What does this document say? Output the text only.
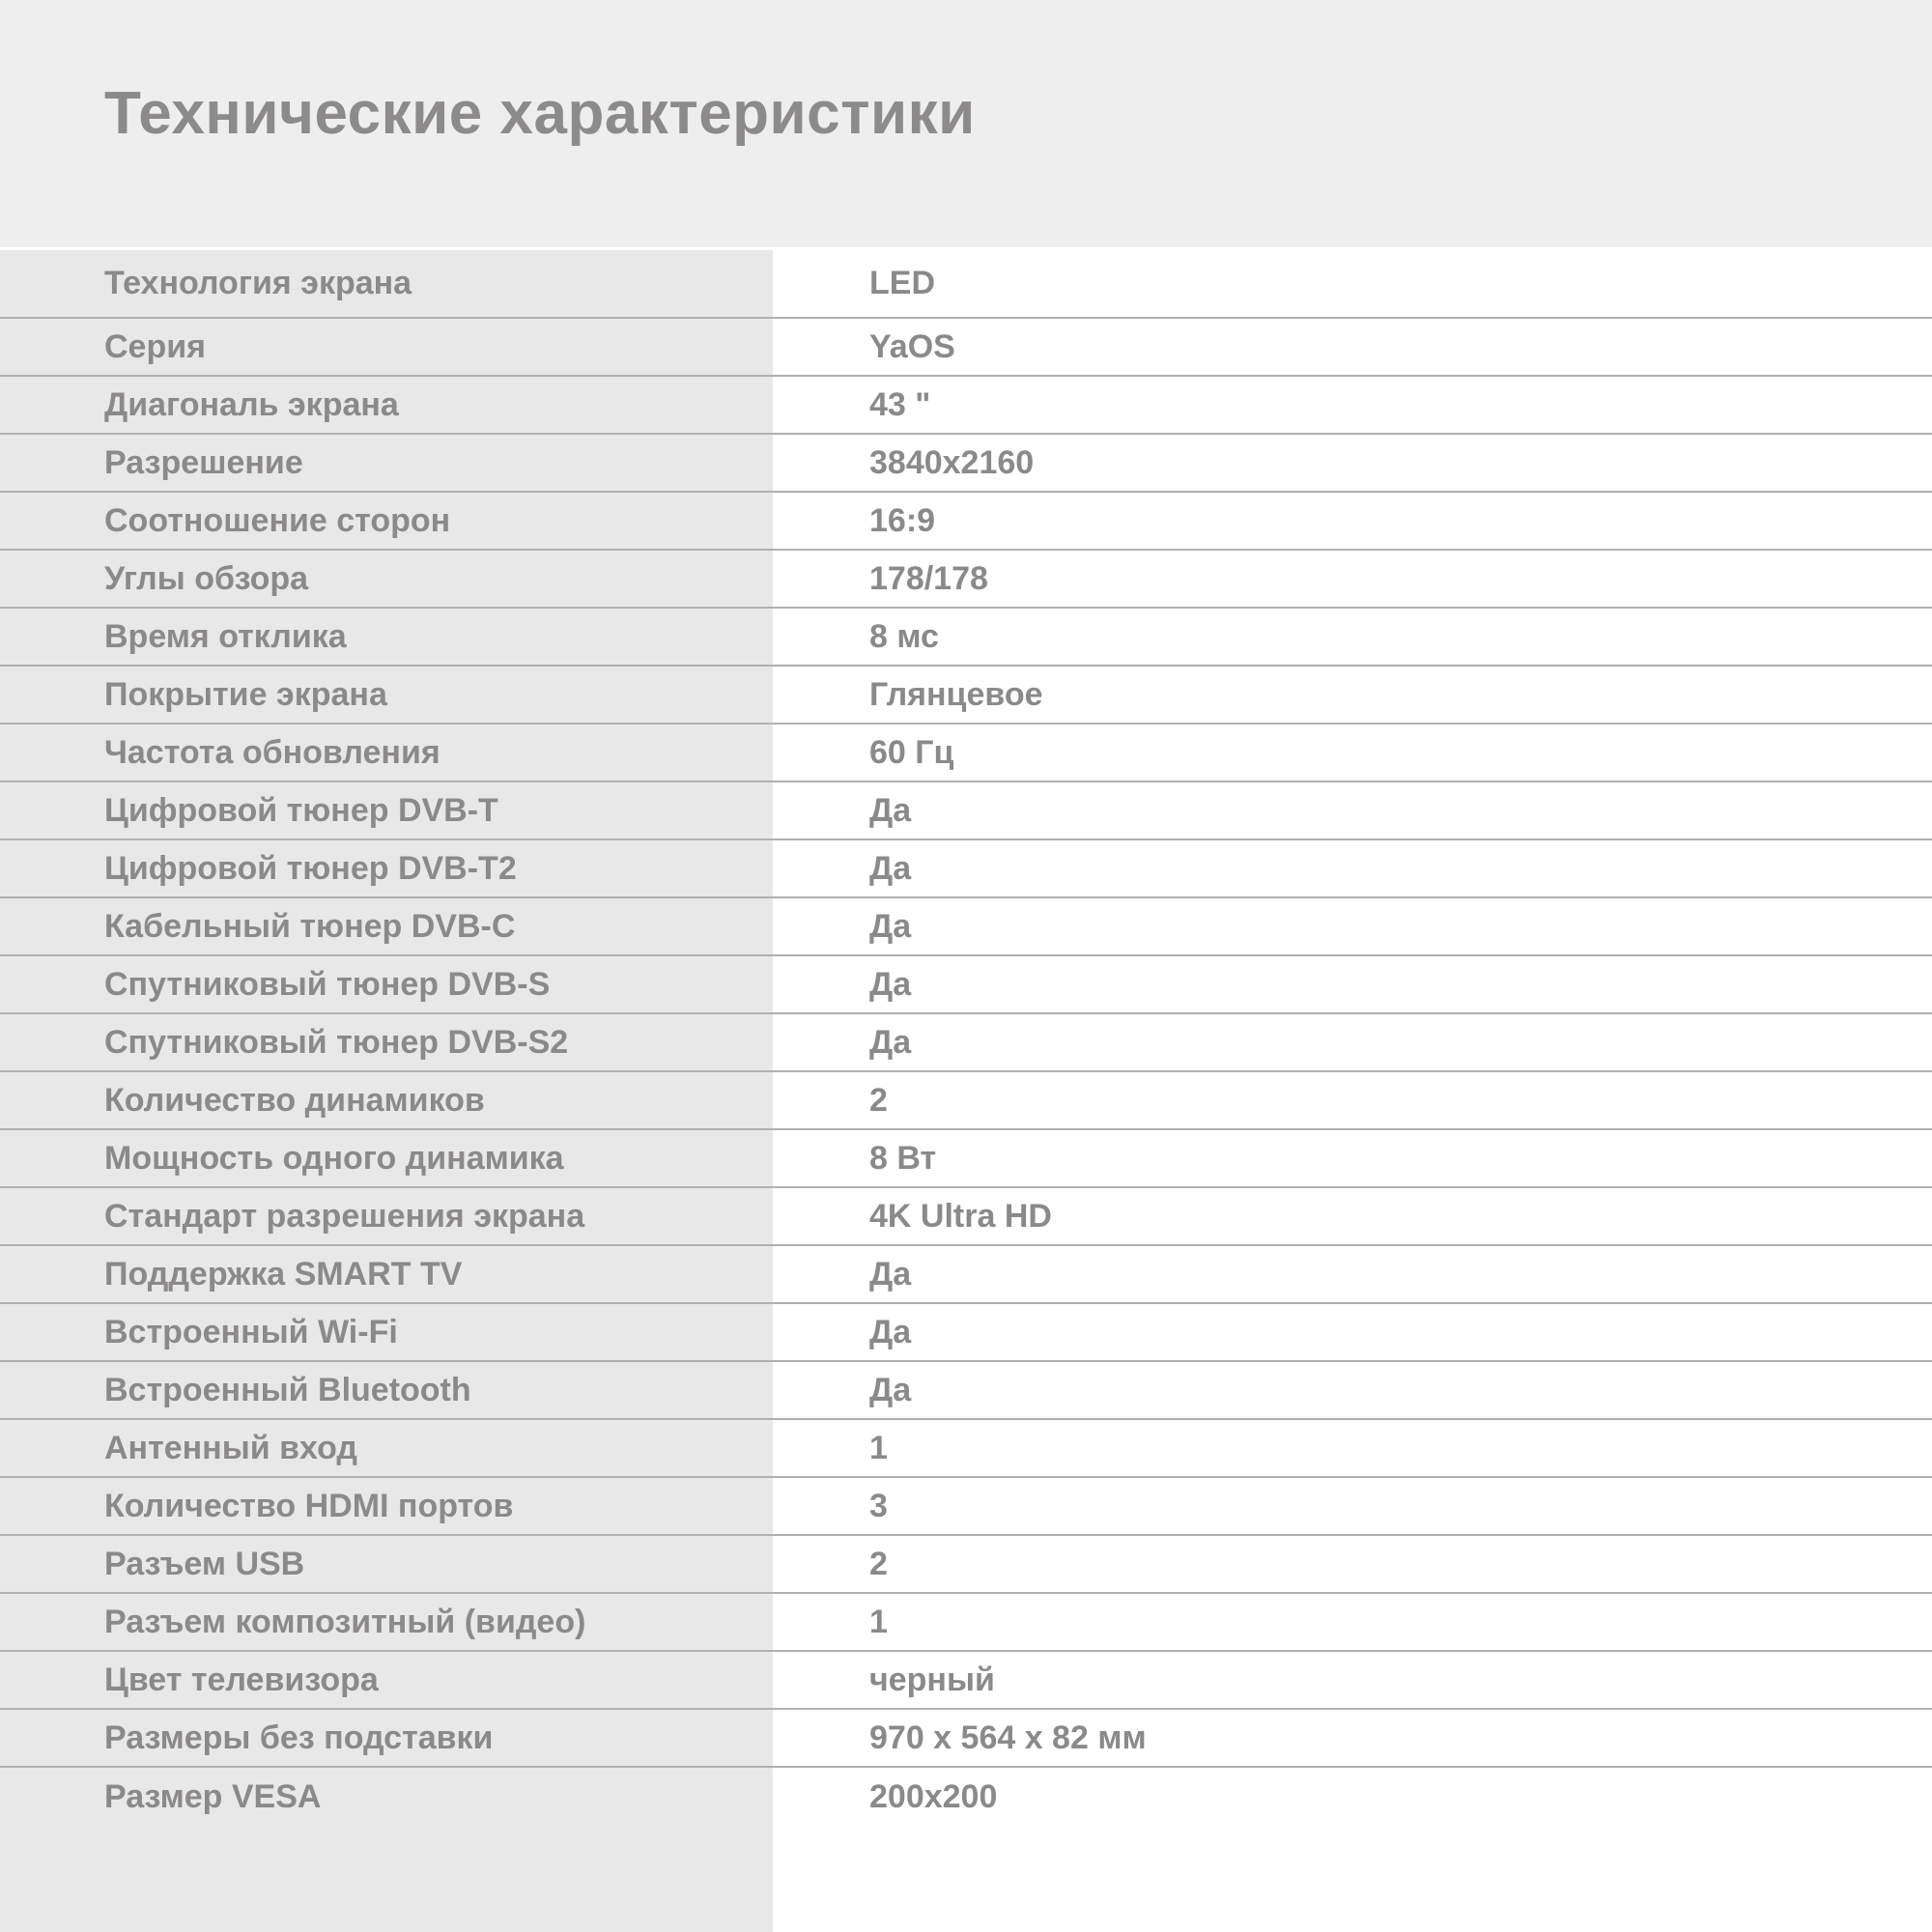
Технические характеристики
Технология экрана	LED
Серия	YaOS
Диагональ экрана	43 "
Разрешение	3840x2160
Соотношение сторон	16:9
Углы обзора	178/178
Время отклика	8 мс
Покрытие экрана	Глянцевое
Частота обновления	60 Гц
Цифровой тюнер DVB-T	Да
Цифровой тюнер DVB-T2	Да
Кабельный тюнер DVB-C	Да
Спутниковый тюнер DVB-S	Да
Спутниковый тюнер DVB-S2	Да
Количество динамиков	2
Мощность одного динамика	8 Вт
Стандарт разрешения экрана	4K Ultra HD
Поддержка SMART TV	Да
Встроенный Wi-Fi	Да
Встроенный Bluetooth	Да
Антенный вход	1
Количество HDMI портов	3
Разъем USB	2
Разъем композитный (видео)	1
Цвет телевизора	черный
Размеры без подставки	970 x 564 x 82 мм
Размер VESA	200x200
